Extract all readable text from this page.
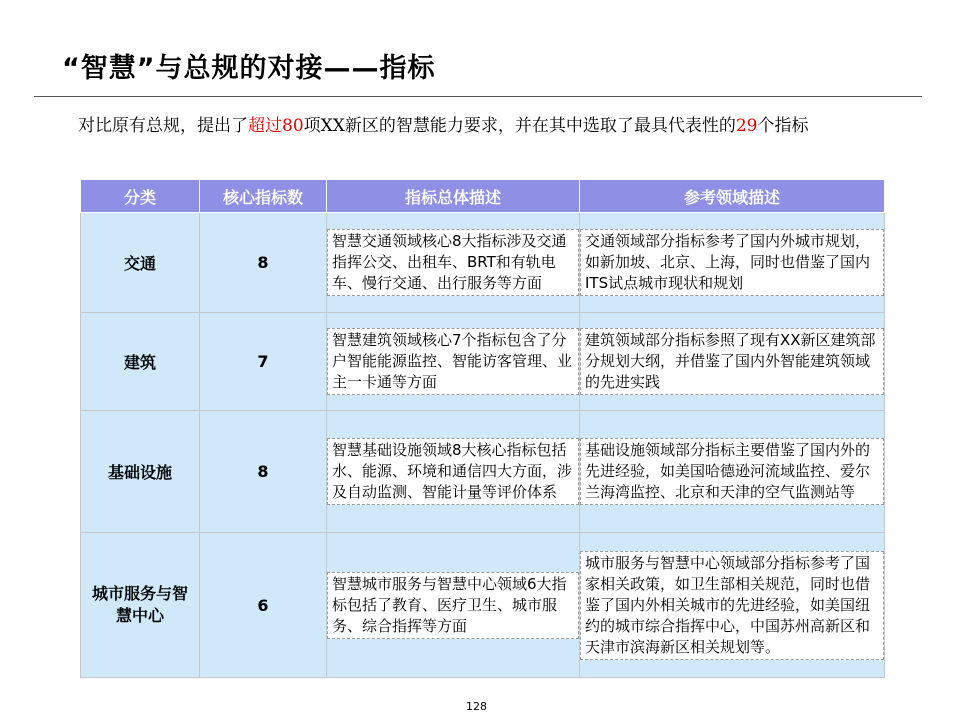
“智慧”与总规的对接——指标
对比原有总规，提出了超过80项XX新区的智慧能力要求，并在其中选取了最具代表性的29个指标
分类	核心指标数	指标总体描述	参考领域描述
交通	8	智慧交通领域核心8大指标涉及交通指挥公交、出租车、BRT和有轨电车、慢行交通、出行服务等方面	交通领域部分指标参考了国内外城市规划，如新加坡、北京、上海，同时也借鉴了国内ITS试点城市现状和规划

建筑	7	智慧建筑领域核心7个指标包含了分户智能能源监控、智能访客管理、业主一卡通等方面	建筑领域部分指标参照了现有XX新区建筑部分规划大纲，并借鉴了国内外智能建筑领域的先进实践

基础设施	8	智慧基础设施领域8大核心指标包括水、能源、环境和通信四大方面，涉及自动监测、智能计量等评价体系	基础设施领域部分指标主要借鉴了国内外的先进经验，如美国哈德逊河流域监控、爱尔兰海湾监控、北京和天津的空气监测站等

城市服务与智慧中心	6	智慧城市服务与智慧中心领域6大指标包括了教育、医疗卫生、城市服务、综合指挥等方面	城市服务与智慧中心领域部分指标参考了国家相关政策，如卫生部相关规范，同时也借鉴了国内外相关城市的先进经验，如美国纽约的城市综合指挥中心，中国苏州高新区和天津市滨海新区相关规划等。
128
